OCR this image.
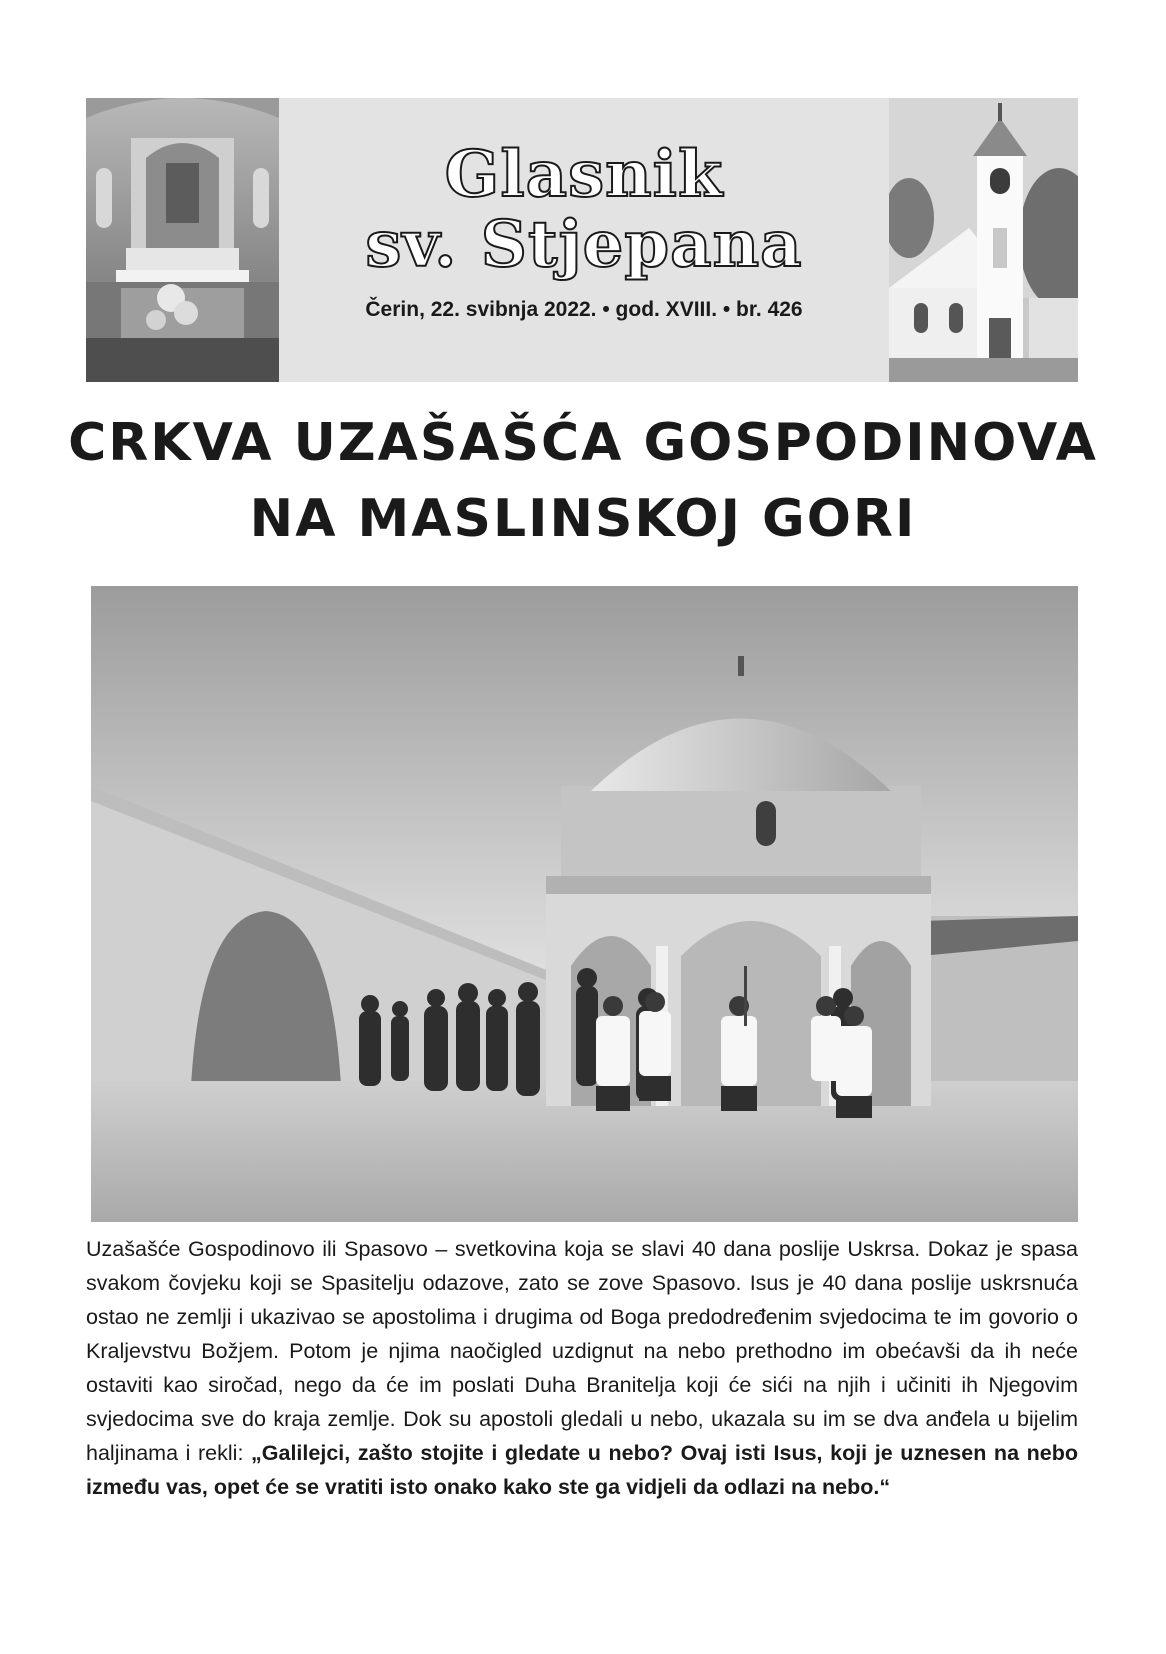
Glasnik
sv. Stjepana
Čerin, 22. svibnja 2022. • god. XVIII. • br. 426
CRKVA UZAŠAŠĆA GOSPODINOVA
NA MASLINSKOJ GORI
Uzašašće Gospodinovo ili Spasovo – svetkovina koja se slavi 40 dana poslije Uskrsa. Dokaz je spasa svakom čovjeku koji se Spasitelju odazove, zato se zove Spasovo. Isus je 40 dana poslije uskrsnuća ostao ne zemlji i ukazivao se apostolima i drugima od Boga predodređenim svjedocima te im govorio o Kraljevstvu Božjem. Potom je njima naočigled uzdignut na nebo prethodno im obećavši da ih neće ostaviti kao siročad, nego da će im poslati Duha Branitelja koji će sići na njih i učiniti ih Njegovim svjedocima sve do kraja zemlje. Dok su apostoli gledali u nebo, ukazala su im se dva anđela u bijelim haljinama i rekli: „Galilejci, zašto stojite i gledate u nebo? Ovaj isti Isus, koji je uznesen na nebo između vas, opet će se vratiti isto onako kako ste ga vidjeli da odlazi na nebo.“
